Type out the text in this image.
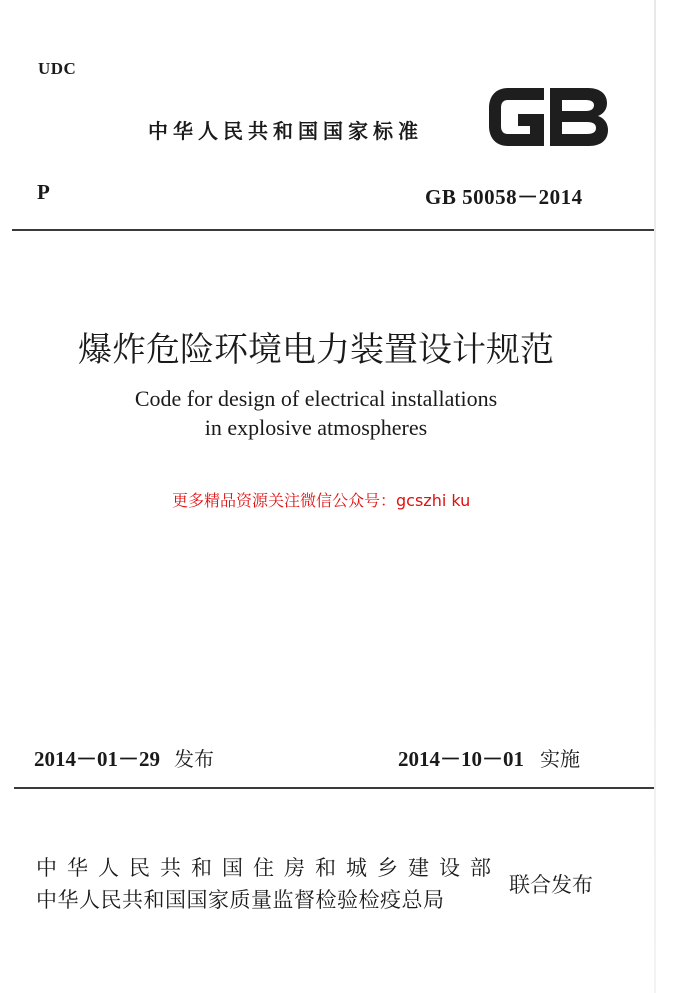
UDC
中华人民共和国国家标准
P	GB 50058－2014
爆炸危险环境电力装置设计规范
Code for design of electrical installations
in explosive atmospheres
更多精品资源关注微信公众号：gcszhi ku
2014－01－29 发布	2014－10－01 实施
中华人民共和国住房和城乡建设部
中华人民共和国国家质量监督检验检疫总局
联合发布
